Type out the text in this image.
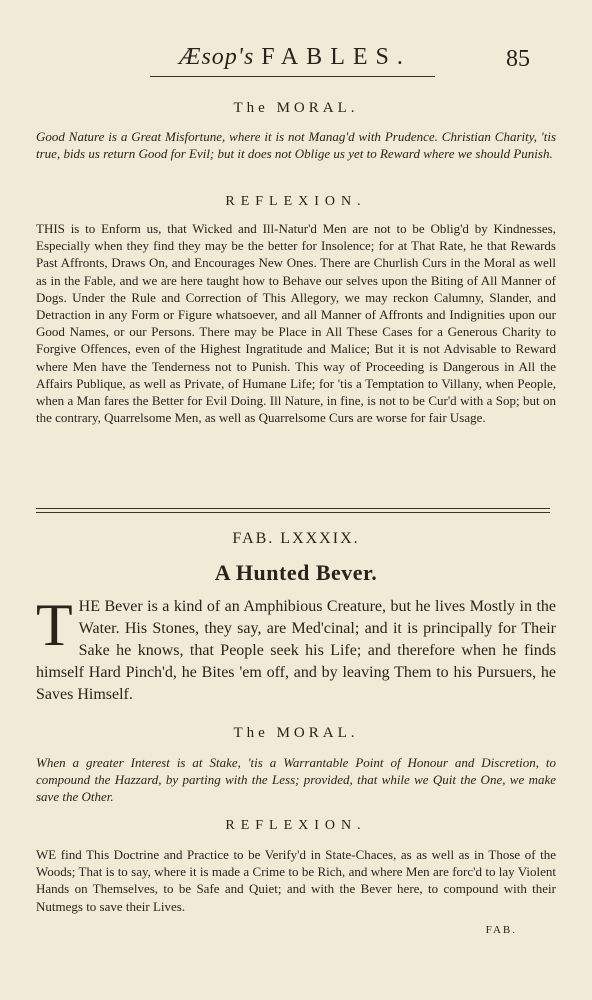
Æsop's FABLES.	85
The MORAL.
Good Nature is a Great Misfortune, where it is not Manag'd with Prudence. Christian Charity, 'tis true, bids us return Good for Evil; but it does not Oblige us yet to Reward where we should Punish.
REFLEXION.
THIS is to Enform us, that Wicked and Ill-Natur'd Men are not to be Oblig'd by Kindnesses, Especially when they find they may be the better for Insolence; for at That Rate, he that Rewards Past Affronts, Draws On, and Encourages New Ones. There are Churlish Curs in the Moral as well as in the Fable, and we are here taught how to Behave our selves upon the Biting of All Manner of Dogs. Under the Rule and Correction of This Allegory, we may reckon Calumny, Slander, and Detraction in any Form or Figure whatsoever, and all Manner of Affronts and Indignities upon our Good Names, or our Persons. There may be Place in All These Cases for a Generous Charity to Forgive Offences, even of the Highest Ingratitude and Malice; But it is not Advisable to Reward where Men have the Tenderness not to Punish. This way of Proceeding is Dangerous in All the Affairs Publique, as well as Private, of Humane Life; for 'tis a Temptation to Villany, when People, when a Man fares the Better for Evil Doing. Ill Nature, in fine, is not to be Cur'd with a Sop; but on the contrary, Quarrelsome Men, as well as Quarrelsome Curs are worse for fair Usage.
FAB. LXXXIX.
A Hunted Bever.
T HE Bever is a kind of an Amphibious Creature, but he lives Mostly in the Water. His Stones, they say, are Med'cinal; and it is principally for Their Sake he knows, that People seek his Life; and therefore when he finds himself Hard Pinch'd, he Bites 'em off, and by leaving Them to his Pursuers, he Saves Himself.
The MORAL.
When a greater Interest is at Stake, 'tis a Warrantable Point of Honour and Discretion, to compound the Hazzard, by parting with the Less; provided, that while we Quit the One, we make save the Other.
REFLEXION.
WE find This Doctrine and Practice to be Verify'd in State-Chaces, as as well as in Those of the Woods; That is to say, where it is made a Crime to be Rich, and where Men are forc'd to lay Violent Hands on Themselves, to be Safe and Quiet; and with the Bever here, to compound with their Nutmegs to save their Lives.
FAB.
